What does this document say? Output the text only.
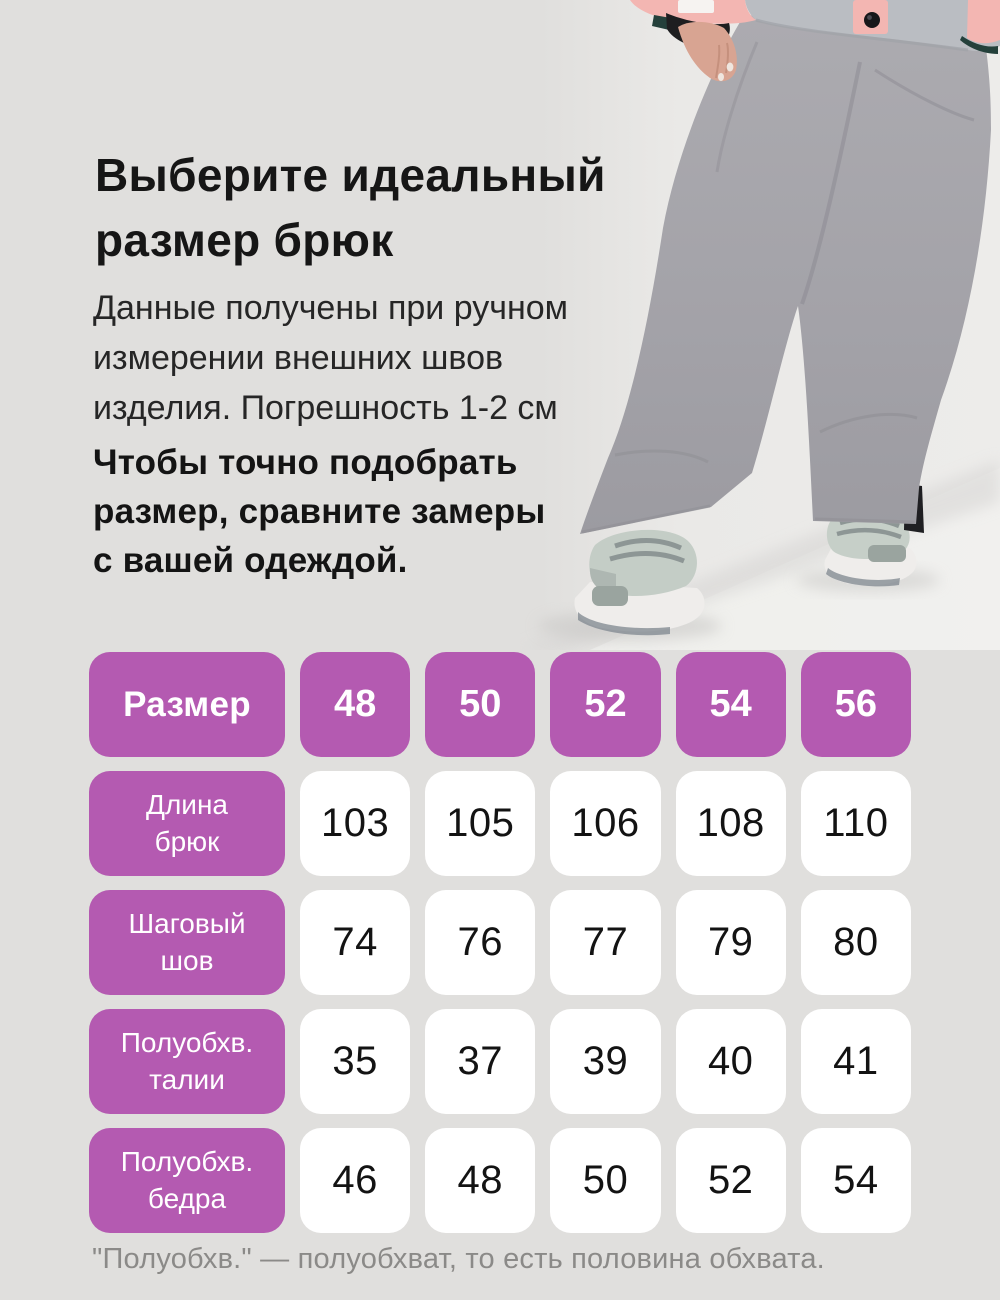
Выберите идеальный
размер брюк
Данные получены при ручном
измерении внешних швов
изделия. Погрешность 1-2 см
Чтобы точно подобрать
размер, сравните замеры
с вашей одеждой.
Размер	48	50	52	54	56
Длина брюк	103	105	106	108	110
Шаговый шов	74	76	77	79	80
Полуобхв. талии	35	37	39	40	41
Полуобхв. бедра	46	48	50	52	54
"Полуобхв." — полуобхват, то есть половина обхвата.
